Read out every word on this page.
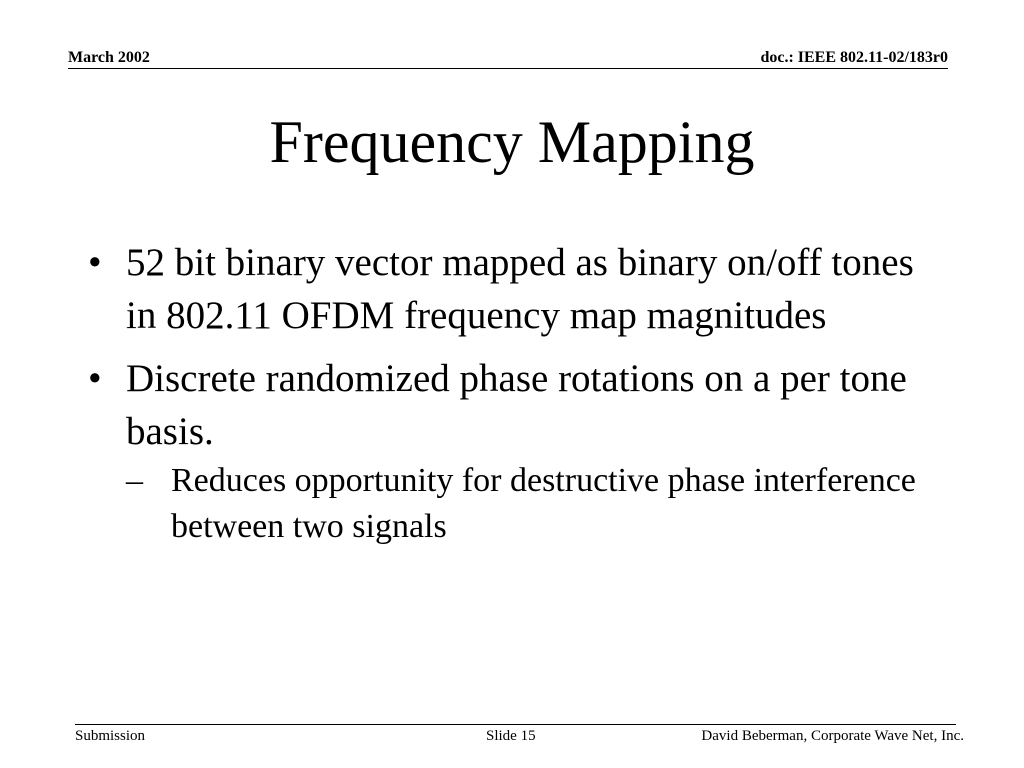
March 2002	doc.: IEEE 802.11-02/183r0
Frequency Mapping
• 52 bit binary vector mapped as binary on/off tones in 802.11 OFDM frequency map magnitudes
• Discrete randomized phase rotations on a per tone basis.
– Reduces opportunity for destructive phase interference between two signals
Submission	Slide 15	David Beberman, Corporate Wave Net, Inc.
